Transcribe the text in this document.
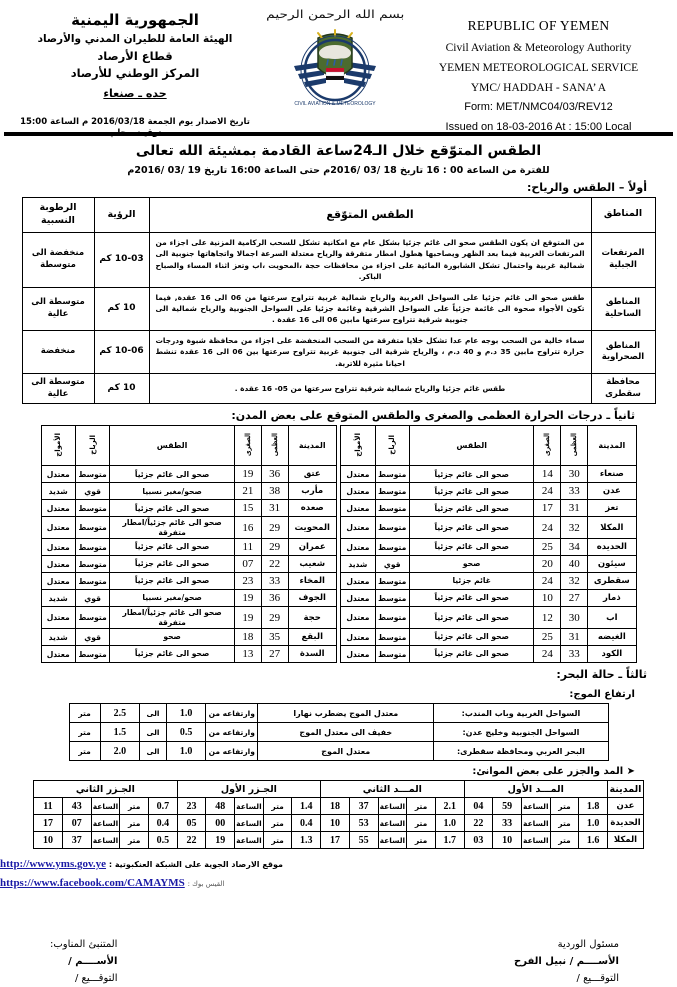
الجمهورية اليمنية
الهيئة العامة للطيران المدني والأرصاد
قطاع الأرصاد
المركز الوطني للأرصاد
حده ـ صنعاء
تاريخ الاصدار يوم الجمعة 2016/03/18 م الساعة 15:00 توقيت محلي
بسم الله الرحمن الرحيم
CIVIL AVIATION & METEOROLOGY
REPUBLIC OF YEMEN
Civil Aviation & Meteorology Authority
YEMEN METEOROLOGICAL SERVICE
YMC/ HADDAH - SANA’ A
Form: MET/NMC04/03/REV12
Issued on 18-03-2016 At : 15:00 Local
الطقس المتوّقع خلال الـ24ساعة القادمة بمشيئة الله تعالى
للفترة من الساعة 00 : 16 تاريخ 18 /03 /2016م حتى الساعة 16:00 تاريخ 19 /03 /2016م
أولاً – الطقس والرياح:
المناطق	الطقس المتوّقع	الرؤية	الرطوبة النسبية
المرتفعات الجبلية	من المتوقع ان يكون الطقس صحو الى غائم جزئيا بشكل عام مع امكانية تشكل للسحب الركامية المزنية على اجزاء من المرتفعات الغربية فيما بعد الظهر ويصاحبها هطول امطار متفرقة والرياح معتدلة السرعة اجمالا واتجاهاتها جنوبية الى شمالية غربية واحتمال تشكل الشابورة المائية على اجزاء من محافظات حجة ،المحويت ،اب وتعز اثناء المساء والصباح الباكر.	10-03 كم	منخفضة الى متوسطة
المناطق الساحلية	طقس صحو الى غائم جزئيا على السواحل الغربية والرياح شمالية غربية تتراوح سرعتها من 06 الى 16 عقدة, فيما تكون الأجواء صحوة الى غائمة جزئياً على السواحل الشرقية وغائمة جزئيا على السواحل الجنوبية والرياح شمالية الى جنوبية شرقية تتراوح سرعتها مابين 06 الى 16 عقدة .	10 كم	متوسطة الى عالية
المناطق الصحراوية	سماء خالية من السحب بوجه عام عدا تشكل خلايا متفرقة من السحب المنخفضة على اجزاء من محافظة شبوة ودرجات حرارة تتراوح مابين 35 د.م و 40 د.م ، والرياح شرقية الى جنوبية غربية تتراوح سرعتها بين 06 الى 16 عقدة تنشط احيانا مثيرة للاتربة.	10-06 كم	منخفضة
محافظة سقطرى	طقس غائم جزئيا والرياح شمالية شرقية تتراوح سرعتها من 05- 16 عقدة .	10 كم	متوسطة الى عالية
ثانياً ـ درجات الحرارة العظمى والصغرى والطقس المتوقع على بعض المدن:
المدينة	العظمى	الصغرى	الطقس	الرياح	الأمواج		المدينة	العظمى	الصغرى	الطقس	الرياح	الأمواج
صنعاء	30	14	صحو الى غائم جزئياً	متوسط	معتدل		عتق	36	19	صحو الى غائم جزئياً	متوسط	معتدل
عدن	33	24	صحو الى غائم جزئياً	متوسط	معتدل		مأرب	38	21	صحو/مغبر نسبيا	قوي	شديد
تعز	31	17	صحو الى غائم جزئياً	متوسط	معتدل		صعده	31	15	صحو الى غائم جزئياً	متوسط	معتدل
المكلا	32	24	صحو الى غائم جزئياً	متوسط	معتدل		المحويت	29	16	صحو الى غائم جزئياً/امطار متفرقة	متوسط	معتدل
الحديده	34	25	صحو الى غائم جزئياً	متوسط	معتدل		عمران	29	11	صحو الى غائم جزئياً	متوسط	معتدل
سيئون	40	20	صحو	قوي	شديد		شعيب	22	07	صحو الى غائم جزئياً	متوسط	معتدل
سقطرى	32	24	غائم جزئيا	متوسط	معتدل		المخاء	33	23	صحو الى غائم جزئياً	متوسط	معتدل
ذمار	27	10	صحو الى غائم جزئياً	متوسط	معتدل		الجوف	36	19	صحو/مغبر نسبيا	قوي	شديد
اب	30	12	صحو الى غائم جزئياً	متوسط	معتدل		حجة	29	19	صحو الى غائم جزئياً/امطار متفرقة	متوسط	معتدل
الغيضه	31	25	صحو الى غائم جزئياً	متوسط	معتدل		البقع	35	18	صحو	قوي	شديد
الكود	33	24	صحو الى غائم جزئياً	متوسط	معتدل		السدة	27	13	صحو الى غائم جزئياً	متوسط	معتدل
ثالثاً ـ حالة البحر:
ارتفاع الموج:
السواحل الغربية وباب المندب:	معتدل الموج يضطرب نهارا	وارتفاعه من	1.0	الى	2.5	متر
السواحل الجنوبية وخليج عدن:	خفيف الى معتدل الموج	وارتفاعه من	0.5	الى	1.5	متر
البحر العربي ومحافظة سقطرى:	معتدل الموج	وارتفاعه من	1.0	الى	2.0	متر
➤ المد والجزر على بعض الموانئ:
المدينة	المـــد الأول					المـــد الثاني					الجـزر الأول					الجـزر الثاني				
عدن	1.8	متر	الساعة	59	04	2.1	متر	الساعة	37	18	1.4	متر	الساعة	48	23	0.7	متر	الساعة	43	11
الحديدة	1.0	متر	الساعة	33	22	1.0	متر	الساعة	53	10	0.4	متر	الساعة	00	05	0.4	متر	الساعة	07	17
المكلا	1.6	متر	الساعة	10	03	1.7	متر	الساعة	55	17	1.3	متر	الساعة	19	22	0.5	متر	الساعة	37	10
موقع الارصاد الجوية على الشبكة العنكبوتية : http://www.yms.gov.ye
القيس بوك : https://www.facebook.com/CAMAYMS
المتنبئ المناوب:
الأســــم /
التوقـــيع /
مسئول الوردية
الأســــم / نبيل الفرح
التوقـــيع /
